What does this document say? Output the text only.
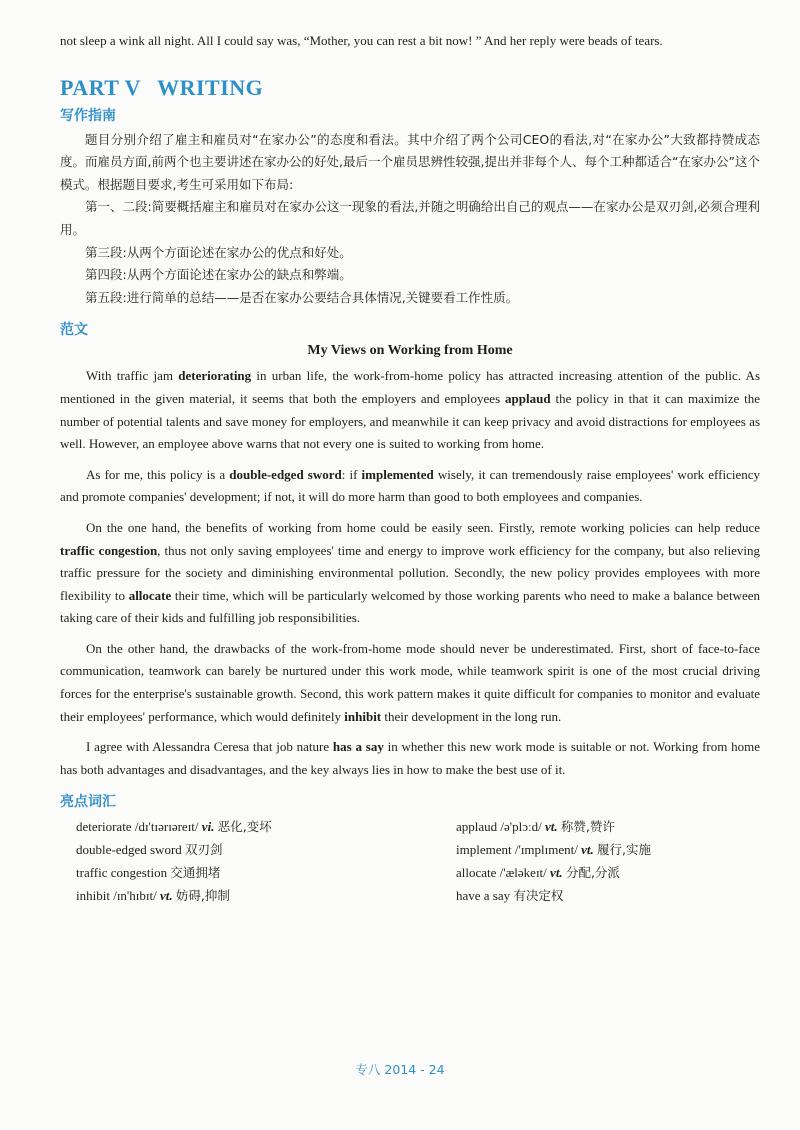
not sleep a wink all night. All I could say was, “Mother, you can rest a bit now! ” And her reply were beads of tears.

PART V WRITING
写作指南

题目分别介绍了雇主和雇员对“在家办公”的态度和看法。其中介绍了两个公司CEO的看法,对“在家办公”大致都持赞成态度。而雇员方面,前两个也主要讲述在家办公的好处,最后一个雇员思辨性较强,提出并非每个人、每个工种都适合“在家办公”这个模式。根据题目要求,考生可采用如下布局:

第一、二段:简要概括雇主和雇员对在家办公这一现象的看法,并随之明确给出自己的观点——在家办公是双刃剑,必须合理利用。

第三段:从两个方面论述在家办公的优点和好处。

第四段:从两个方面论述在家办公的缺点和弊端。

第五段:进行简单的总结——是否在家办公要结合具体情况,关键要看工作性质。

范文
My Views on Working from Home

With traffic jam deteriorating in urban life, the work-from-home policy has attracted increasing attention of the public. As mentioned in the given material, it seems that both the employers and employees applaud the policy in that it can maximize the number of potential talents and save money for employers, and meanwhile it can keep privacy and avoid distractions for employees as well. However, an employee above warns that not every one is suited to working from home.

As for me, this policy is a double-edged sword: if implemented wisely, it can tremendously raise employees' work efficiency and promote companies' development; if not, it will do more harm than good to both employees and companies.

On the one hand, the benefits of working from home could be easily seen. Firstly, remote working policies can help reduce traffic congestion, thus not only saving employees' time and energy to improve work efficiency for the company, but also relieving traffic pressure for the society and diminishing environmental pollution. Secondly, the new policy provides employees with more flexibility to allocate their time, which will be particularly welcomed by those working parents who need to make a balance between taking care of their kids and fulfilling job responsibilities.

On the other hand, the drawbacks of the work-from-home mode should never be underestimated. First, short of face-to-face communication, teamwork can barely be nurtured under this work mode, while teamwork spirit is one of the most crucial driving forces for the enterprise's sustainable growth. Second, this work pattern makes it quite difficult for companies to monitor and evaluate their employees' performance, which would definitely inhibit their development in the long run.

I agree with Alessandra Ceresa that job nature has a say in whether this new work mode is suitable or not. Working from home has both advantages and disadvantages, and the key always lies in how to make the best use of it.

亮点词汇
deteriorate /dɪ'tɪərɪəreɪt/ vi. 恶化,变坏	applaud /ə'plɔːd/ vt. 称赞,赞许
double-edged sword 双刃剑	implement /'ɪmplɪment/ vt. 履行,实施
traffic congestion 交通拥堵	allocate /'æləkeɪt/ vt. 分配,分派
inhibit /ɪn'hɪbɪt/ vt. 妨碍,抑制	have a say 有决定权
专八 2014 - 24
